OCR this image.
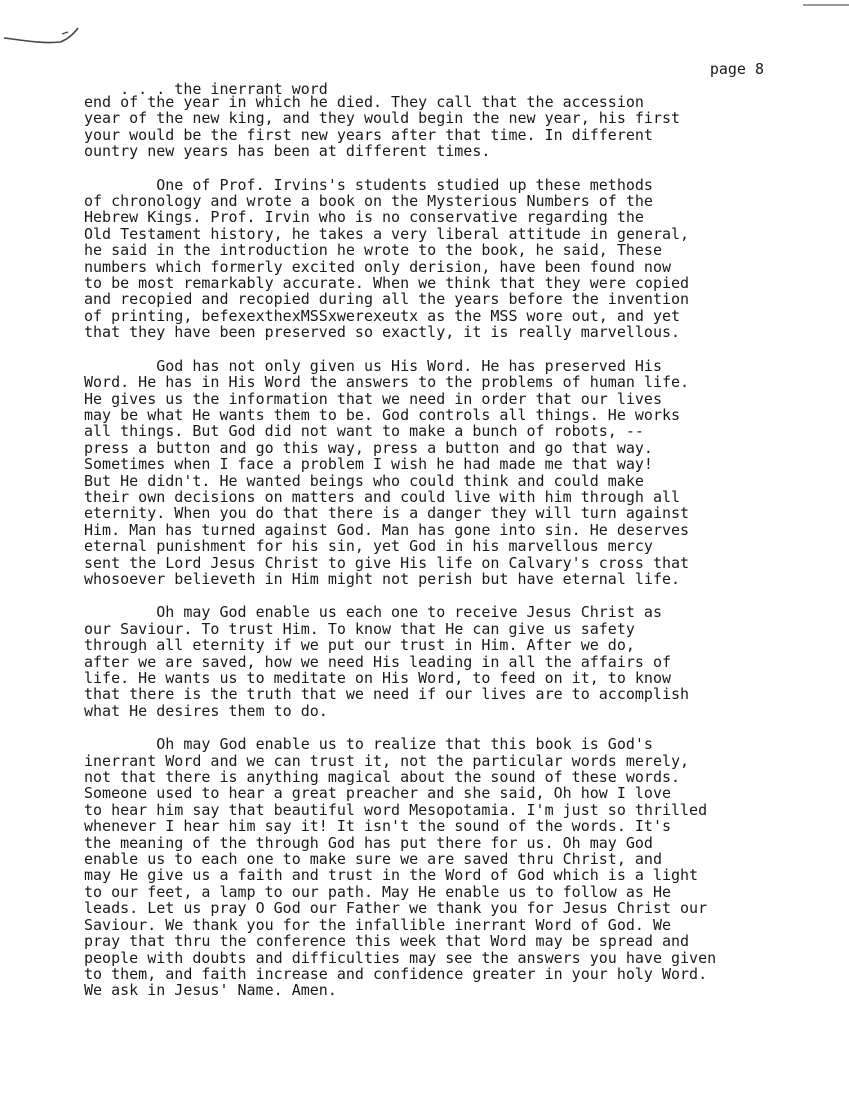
. . . the inerrant word

page 8

end of the year in which he died. They call that the accession
year of the new king, and they would begin the new year, his first
your would be the first new years after that time. In different
ountry new years has been at different times.

One of Prof. Irvins's students studied up these methods
of chronology and wrote a book on the Mysterious Numbers of the
Hebrew Kings. Prof. Irvin who is no conservative regarding the
Old Testament history, he takes a very liberal attitude in general,
he said in the introduction he wrote to the book, he said, These
numbers which formerly excited only derision, have been found now
to be most remarkably accurate. When we think that they were copied
and recopied and recopied during all the years before the invention
of printing, befexexthexMSSxwerexeutx as the MSS wore out, and yet
that they have been preserved so exactly, it is really marvellous.

God has not only given us His Word. He has preserved His
Word. He has in His Word the answers to the problems of human life.
He gives us the information that we need in order that our lives
may be what He wants them to be. God controls all things. He works
all things. But God did not want to make a bunch of robots, --
press a button and go this way, press a button and go that way.
Sometimes when I face a problem I wish he had made me that way!
But He didn't. He wanted beings who could think and could make
their own decisions on matters and could live with him through all
eternity. When you do that there is a danger they will turn against
Him. Man has turned against God. Man has gone into sin. He deserves
eternal punishment for his sin, yet God in his marvellous mercy
sent the Lord Jesus Christ to give His life on Calvary's cross that
whosoever believeth in Him might not perish but have eternal life.

Oh may God enable us each one to receive Jesus Christ as
our Saviour. To trust Him. To know that He can give us safety
through all eternity if we put our trust in Him. After we do,
after we are saved, how we need His leading in all the affairs of
life. He wants us to meditate on His Word, to feed on it, to know
that there is the truth that we need if our lives are to accomplish
what He desires them to do.

Oh may God enable us to realize that this book is God's
inerrant Word and we can trust it, not the particular words merely,
not that there is anything magical about the sound of these words.
Someone used to hear a great preacher and she said, Oh how I love
to hear him say that beautiful word Mesopotamia. I'm just so thrilled
whenever I hear him say it! It isn't the sound of the words. It's
the meaning of the through God has put there for us. Oh may God
enable us to each one to make sure we are saved thru Christ, and
may He give us a faith and trust in the Word of God which is a light
to our feet, a lamp to our path. May He enable us to follow as He
leads. Let us pray O God our Father we thank you for Jesus Christ our
Saviour. We thank you for the infallible inerrant Word of God. We
pray that thru the conference this week that Word may be spread and
people with doubts and difficulties may see the answers you have given
to them, and faith increase and confidence greater in your holy Word.
We ask in Jesus' Name. Amen.
